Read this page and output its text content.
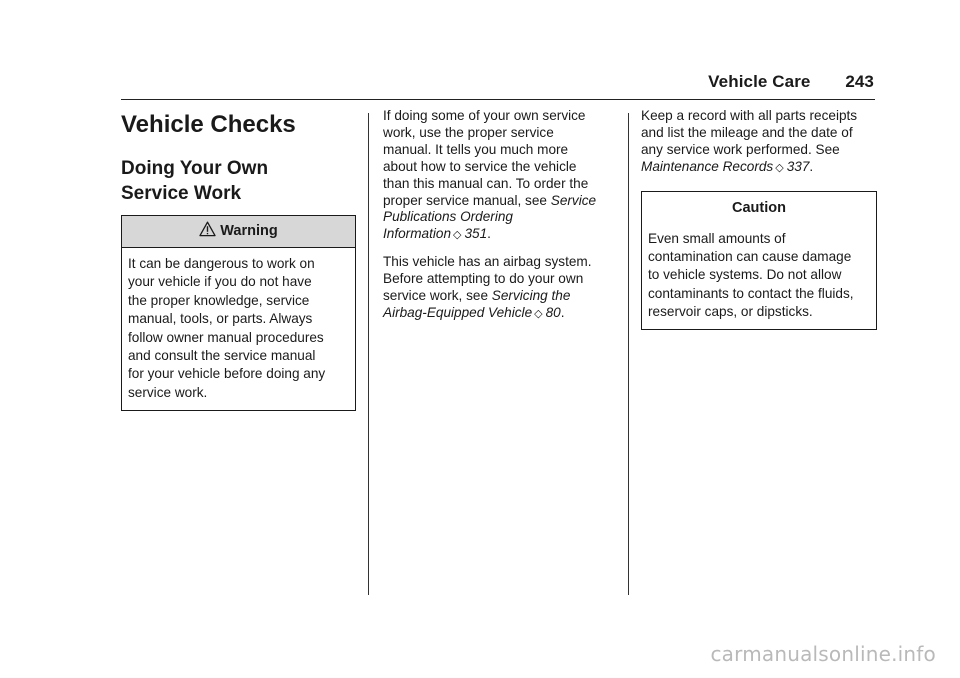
Vehicle Care 243
Vehicle Checks
Doing Your Own
Service Work
Warning
It can be dangerous to work on
your vehicle if you do not have
the proper knowledge, service
manual, tools, or parts. Always
follow owner manual procedures
and consult the service manual
for your vehicle before doing any
service work.

If doing some of your own service
work, use the proper service
manual. It tells you much more
about how to service the vehicle
than this manual can. To order the
proper service manual, see Service
Publications Ordering
Information ◇ 351.

This vehicle has an airbag system.
Before attempting to do your own
service work, see Servicing the
Airbag-Equipped Vehicle ◇ 80.

Keep a record with all parts receipts
and list the mileage and the date of
any service work performed. See
Maintenance Records ◇ 337.

Caution
Even small amounts of
contamination can cause damage
to vehicle systems. Do not allow
contaminants to contact the fluids,
reservoir caps, or dipsticks.
carmanualsonline.info
